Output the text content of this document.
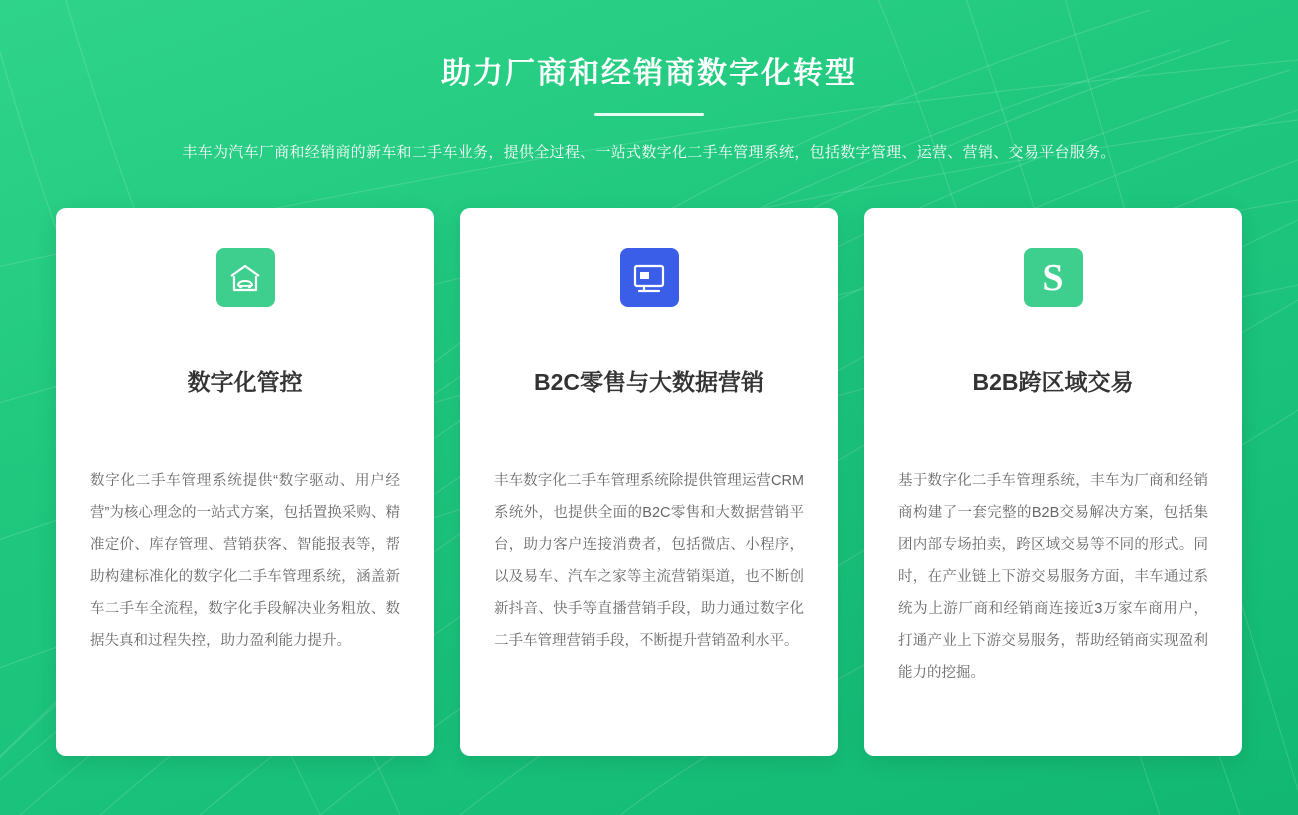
助力厂商和经销商数字化转型

丰车为汽车厂商和经销商的新车和二手车业务，提供全过程、一站式数字化二手车管理系统，包括数字管理、运营、营销、交易平台服务。

数字化管控

数字化二手车管理系统提供“数字驱动、用户经营”为核心理念的一站式方案，包括置换采购、精准定价、库存管理、营销获客、智能报表等，帮助构建标准化的数字化二手车管理系统，涵盖新车二手车全流程，数字化手段解决业务粗放、数据失真和过程失控，助力盈利能力提升。

B2C零售与大数据营销

丰车数字化二手车管理系统除提供管理运营CRM系统外，也提供全面的B2C零售和大数据营销平台，助力客户连接消费者，包括微店、小程序，以及易车、汽车之家等主流营销渠道，也不断创新抖音、快手等直播营销手段，助力通过数字化二手车管理营销手段，不断提升营销盈利水平。

S
B2B跨区域交易

基于数字化二手车管理系统，丰车为厂商和经销商构建了一套完整的B2B交易解决方案，包括集团内部专场拍卖，跨区域交易等不同的形式。同时，在产业链上下游交易服务方面，丰车通过系统为上游厂商和经销商连接近3万家车商用户，打通产业上下游交易服务，帮助经销商实现盈利能力的挖掘。
